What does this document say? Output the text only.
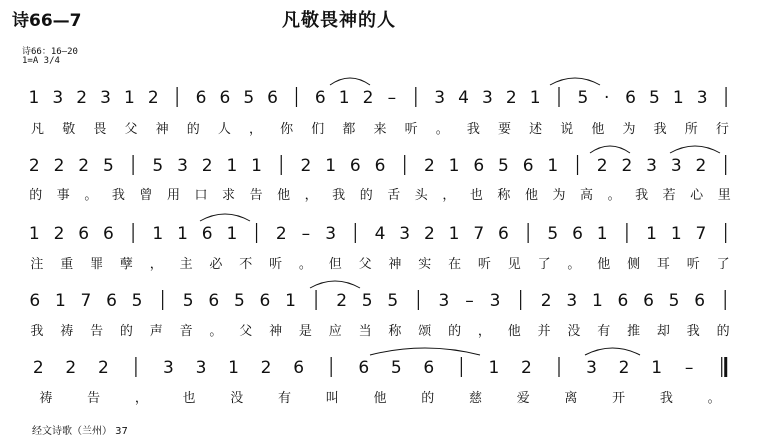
诗66—7	凡敬畏神的人
诗66：16—20
1=A 3/4
1 3 2 3 1 2 6 6 5 6 6 1 2 – 3 4 3 2 1 5 · 6 5 1 3
凡 敬 畏 父 神 的 人 ， 你 们 都 来 听 。 我 要 述 说 他 为 我 所 行
2 2 2 5 5 3 2 1 1 2 1 6 6 2 1 6 5 6 1 2 2 3 3 2
的 事 。 我 曾 用 口 求 告 他 ， 我 的 舌 头 ， 也 称 他 为 高 。 我 若 心 里
1 2 6 6 1 1 6 1 2 – 3 4 3 2 1 7 6 5 6 1 1 1 7
注 重 罪 孽 ， 主 必 不 听 。 但 父 神 实 在 听 见 了 。 他 侧 耳 听 了
6 1 7 6 5 5 6 5 6 1 2 5 5 3 – 3 2 3 1 6 6 5 6
我 祷 告 的 声 音 。 父 神 是 应 当 称 颂 的 ， 他 并 没 有 推 却 我 的
2 2 2	3 3 1 2 6	6 5 6	1 2	3 2 1 –
祷	告	，	也	没	有	叫	他	的	慈	爱	离	开	我	。
经文诗歌（兰州） 37
